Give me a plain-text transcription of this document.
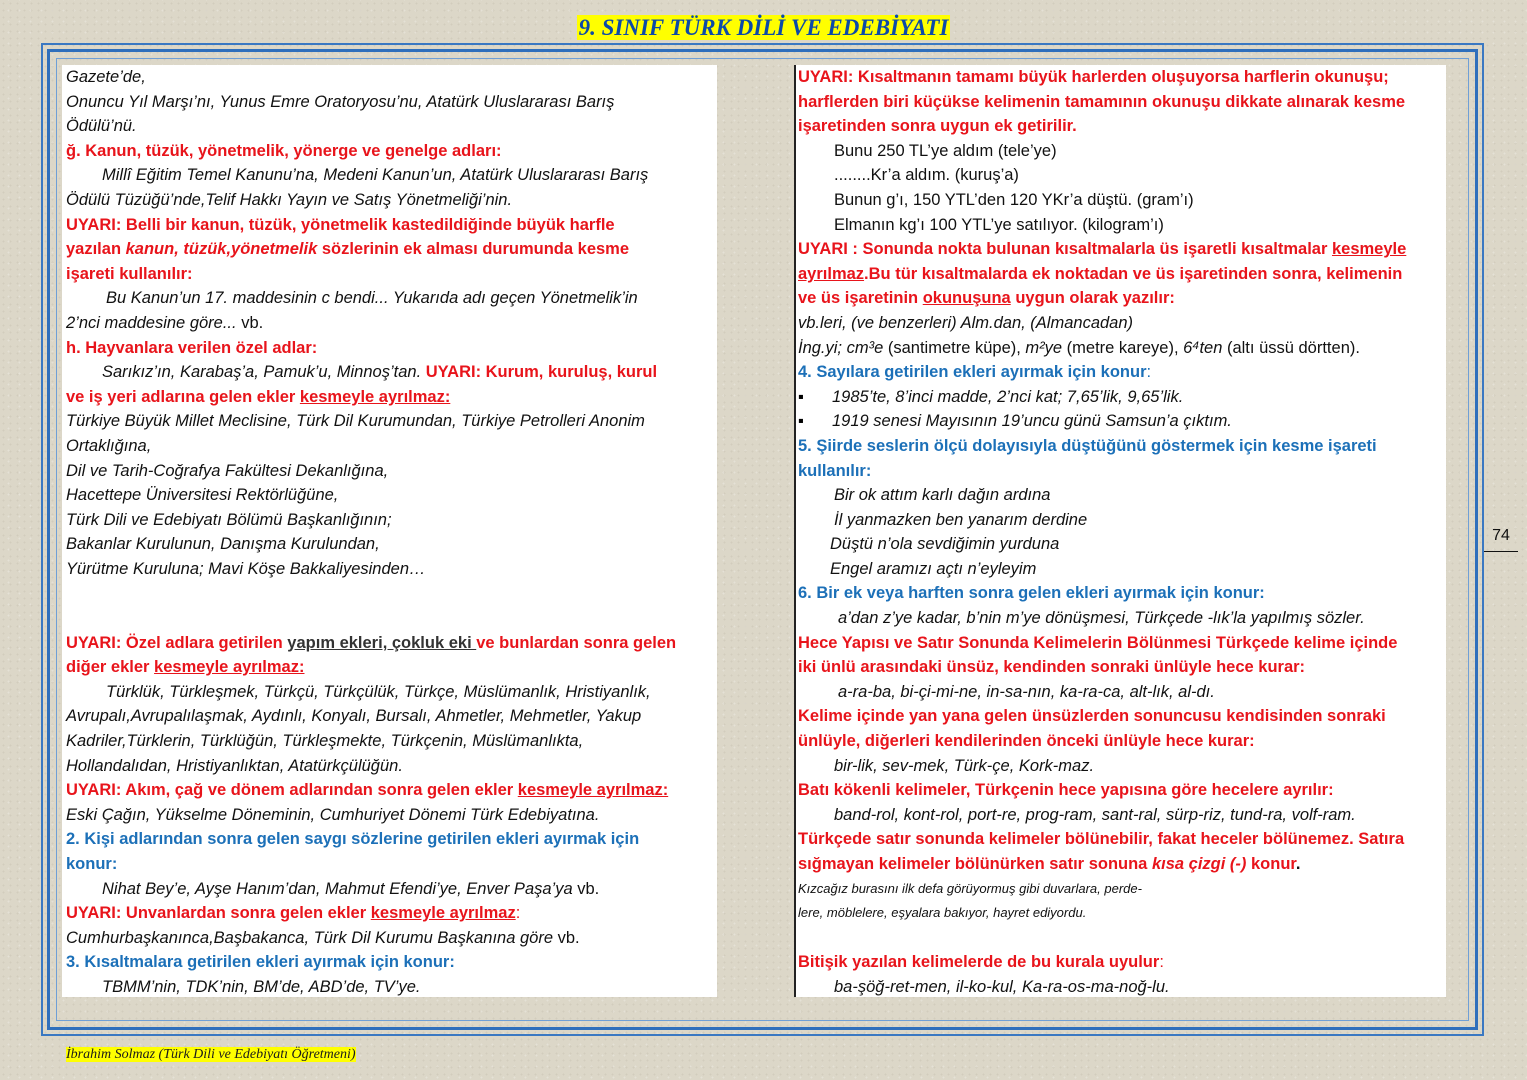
9. SINIF TÜRK DİLİ VE EDEBİYATI

Gazete’de,

Onuncu Yıl Marşı’nı, Yunus Emre Oratoryosu’nu, Atatürk Uluslararası Barış

Ödülü’nü.

ğ. Kanun, tüzük, yönetmelik, yönerge ve genelge adları:

Millî Eğitim Temel Kanunu’na, Medeni Kanun’un, Atatürk Uluslararası Barış

Ödülü Tüzüğü’nde,Telif Hakkı Yayın ve Satış Yönetmeliği’nin.

UYARI: Belli bir kanun, tüzük, yönetmelik kastedildiğinde büyük harfle

yazılan kanun, tüzük,yönetmelik sözlerinin ek alması durumunda kesme

işareti kullanılır:

Bu Kanun’un 17. maddesinin c bendi... Yukarıda adı geçen Yönetmelik’in

2’nci maddesine göre... vb.

h. Hayvanlara verilen özel adlar:

Sarıkız’ın, Karabaş’a, Pamuk’u, Minnoş’tan. UYARI: Kurum, kuruluş, kurul

ve iş yeri adlarına gelen ekler kesmeyle ayrılmaz:

Türkiye Büyük Millet Meclisine, Türk Dil Kurumundan, Türkiye Petrolleri Anonim

Ortaklığına,

Dil ve Tarih-Coğrafya Fakültesi Dekanlığına,

Hacettepe Üniversitesi Rektörlüğüne,

Türk Dili ve Edebiyatı Bölümü Başkanlığının;

Bakanlar Kurulunun, Danışma Kurulundan,

Yürütme Kuruluna; Mavi Köşe Bakkaliyesinden…

UYARI: Özel adlara getirilen yapım ekleri, çokluk eki ve bunlardan sonra gelen

diğer ekler kesmeyle ayrılmaz:

Türklük, Türkleşmek, Türkçü, Türkçülük, Türkçe, Müslümanlık, Hristiyanlık,

Avrupalı,Avrupalılaşmak, Aydınlı, Konyalı, Bursalı, Ahmetler, Mehmetler, Yakup

Kadriler,Türklerin, Türklüğün, Türkleşmekte, Türkçenin, Müslümanlıkta,

Hollandalıdan, Hristiyanlıktan, Atatürkçülüğün.

UYARI: Akım, çağ ve dönem adlarından sonra gelen ekler kesmeyle ayrılmaz:

Eski Çağın, Yükselme Döneminin, Cumhuriyet Dönemi Türk Edebiyatına.

2. Kişi adlarından sonra gelen saygı sözlerine getirilen ekleri ayırmak için

konur:

Nihat Bey’e, Ayşe Hanım’dan, Mahmut Efendi’ye, Enver Paşa’ya vb.

UYARI: Unvanlardan sonra gelen ekler kesmeyle ayrılmaz:

Cumhurbaşkanınca,Başbakanca, Türk Dil Kurumu Başkanına göre vb.

3. Kısaltmalara getirilen ekleri ayırmak için konur:

TBMM’nin, TDK’nin, BM’de, ABD’de, TV’ye.

UYARI: Kısaltmanın tamamı büyük harlerden oluşuyorsa harflerin okunuşu;

harflerden biri küçükse kelimenin tamamının okunuşu dikkate alınarak kesme

işaretinden sonra uygun ek getirilir.

Bunu 250 TL’ye aldım (tele’ye)

........Kr’a aldım. (kuruş’a)

Bunun g’ı, 150 YTL’den 120 YKr’a düştü. (gram’ı)

Elmanın kg’ı 100 YTL’ye satılıyor. (kilogram’ı)

UYARI : Sonunda nokta bulunan kısaltmalarla üs işaretli kısaltmalar kesmeyle

ayrılmaz.Bu tür kısaltmalarda ek noktadan ve üs işaretinden sonra, kelimenin

ve üs işaretinin okunuşuna uygun olarak yazılır:

vb.leri, (ve benzerleri) Alm.dan, (Almancadan)

İng.yi; cm³e (santimetre küpe), m²ye (metre kareye), 6⁴ten (altı üssü dörtten).

4. Sayılara getirilen ekleri ayırmak için konur:

▪ 1985’te, 8’inci madde, 2’nci kat; 7,65’lik, 9,65’lik.

▪ 1919 senesi Mayısının 19’uncu günü Samsun’a çıktım.

5. Şiirde seslerin ölçü dolayısıyla düştüğünü göstermek için kesme işareti

kullanılır:

Bir ok attım karlı dağın ardına

İl yanmazken ben yanarım derdine

Düştü n’ola sevdiğimin yurduna

Engel aramızı açtı n’eyleyim

6. Bir ek veya harften sonra gelen ekleri ayırmak için konur:

a’dan z’ye kadar, b’nin m’ye dönüşmesi, Türkçede -lık’la yapılmış sözler.

Hece Yapısı ve Satır Sonunda Kelimelerin Bölünmesi Türkçede kelime içinde

iki ünlü arasındaki ünsüz, kendinden sonraki ünlüyle hece kurar:

a-ra-ba, bi-çi-mi-ne, in-sa-nın, ka-ra-ca, alt-lık, al-dı.

Kelime içinde yan yana gelen ünsüzlerden sonuncusu kendisinden sonraki

ünlüyle, diğerleri kendilerinden önceki ünlüyle hece kurar:

bir-lik, sev-mek, Türk-çe, Kork-maz.

Batı kökenli kelimeler, Türkçenin hece yapısına göre hecelere ayrılır:

band-rol, kont-rol, port-re, prog-ram, sant-ral, sürp-riz, tund-ra, volf-ram.

Türkçede satır sonunda kelimeler bölünebilir, fakat heceler bölünemez. Satıra

sığmayan kelimeler bölünürken satır sonuna kısa çizgi (-) konur.

Kızcağız burasını ilk defa görüyormuş gibi duvarlara, perde-

lere, möblelere, eşyalara bakıyor, hayret ediyordu.

Bitişik yazılan kelimelerde de bu kurala uyulur:

ba-şöğ-ret-men, il-ko-kul, Ka-ra-os-ma-noğ-lu.

74

İbrahim Solmaz (Türk Dili ve Edebiyatı Öğretmeni)
